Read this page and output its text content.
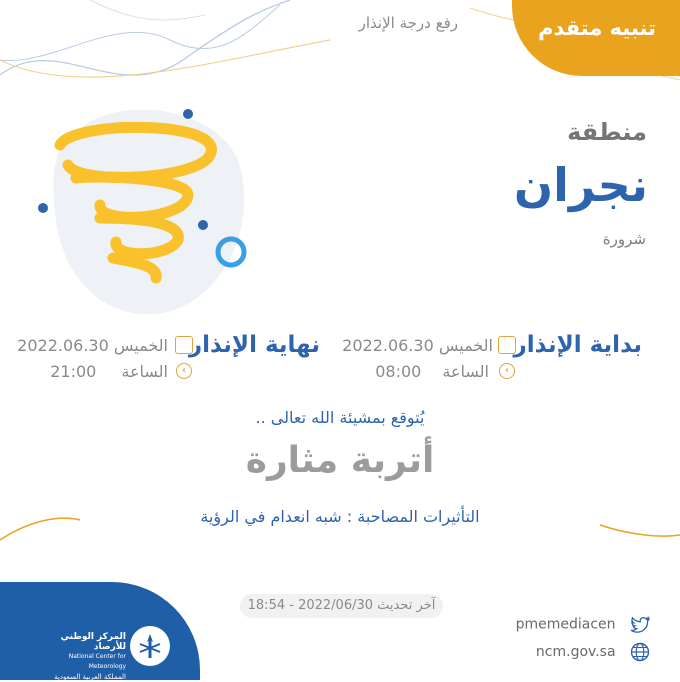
تنبيه متقدم
رفع درجة الإنذار
منطقة
نجران
شرورة
بداية الإنذار
الخميس 2022.06.30
‹
الساعة 08:00
نهاية الإنذار
الخميس 2022.06.30
‹
الساعة 21:00
يُتوقع بمشيئة الله تعالى ..
أتربة مثارة
التأثيرات المصاحبة : شبه انعدام في الرؤية
آخر تحديث 2022/06/30 - 18:54
المركز الوطني للأرصاد
National Center for Meteorology
المملكة العربية السعودية
pmemediacen
ncm.gov.sa
